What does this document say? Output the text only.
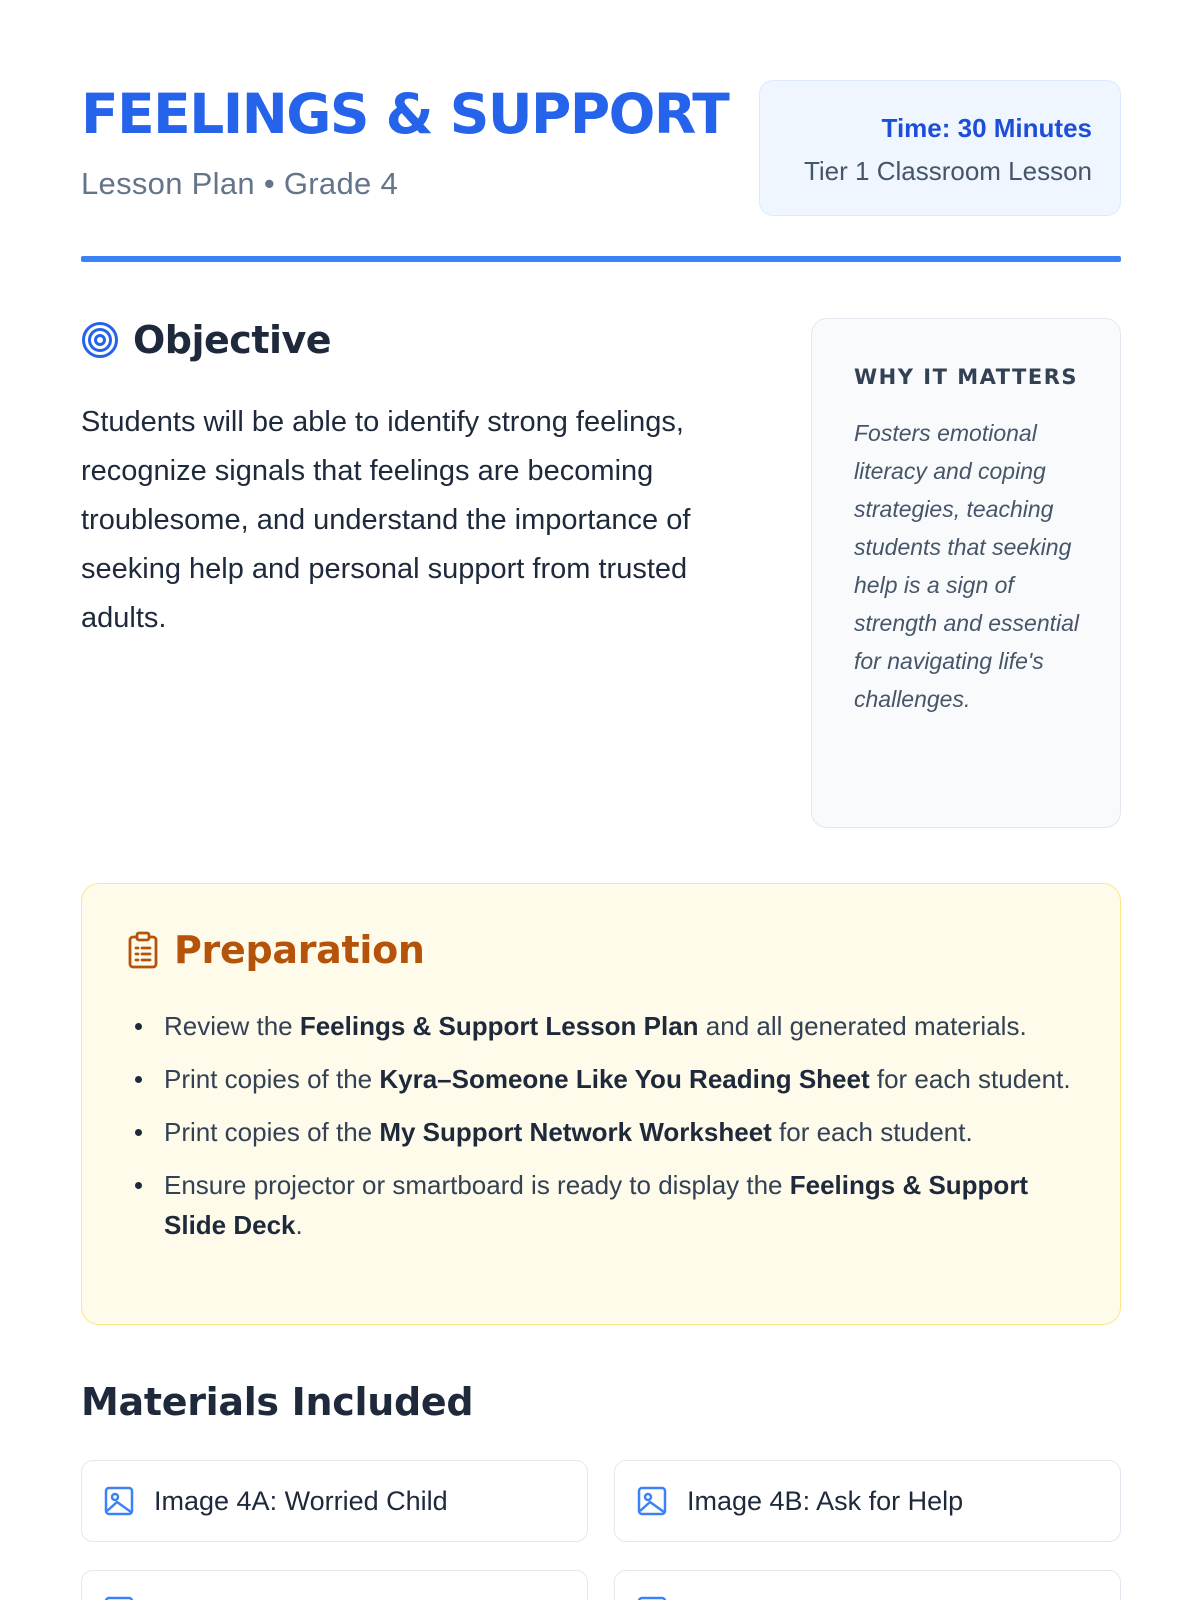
FEELINGS & SUPPORT
Lesson Plan • Grade 4
Time: 30 Minutes
Tier 1 Classroom Lesson
Objective

Students will be able to identify strong feelings, recognize signals that feelings are becoming troublesome, and understand the importance of seeking help and personal support from trusted adults.

WHY IT MATTERS

Fosters emotional literacy and coping strategies, teaching students that seeking help is a sign of strength and essential for navigating life's challenges.

Preparation
Review the Feelings & Support Lesson Plan and all generated materials.
Print copies of the Kyra–Someone Like You Reading Sheet for each student.
Print copies of the My Support Network Worksheet for each student.
Ensure projector or smartboard is ready to display the Feelings & Support Slide Deck.
Materials Included
Image 4A: Worried Child	Image 4B: Ask for Help
